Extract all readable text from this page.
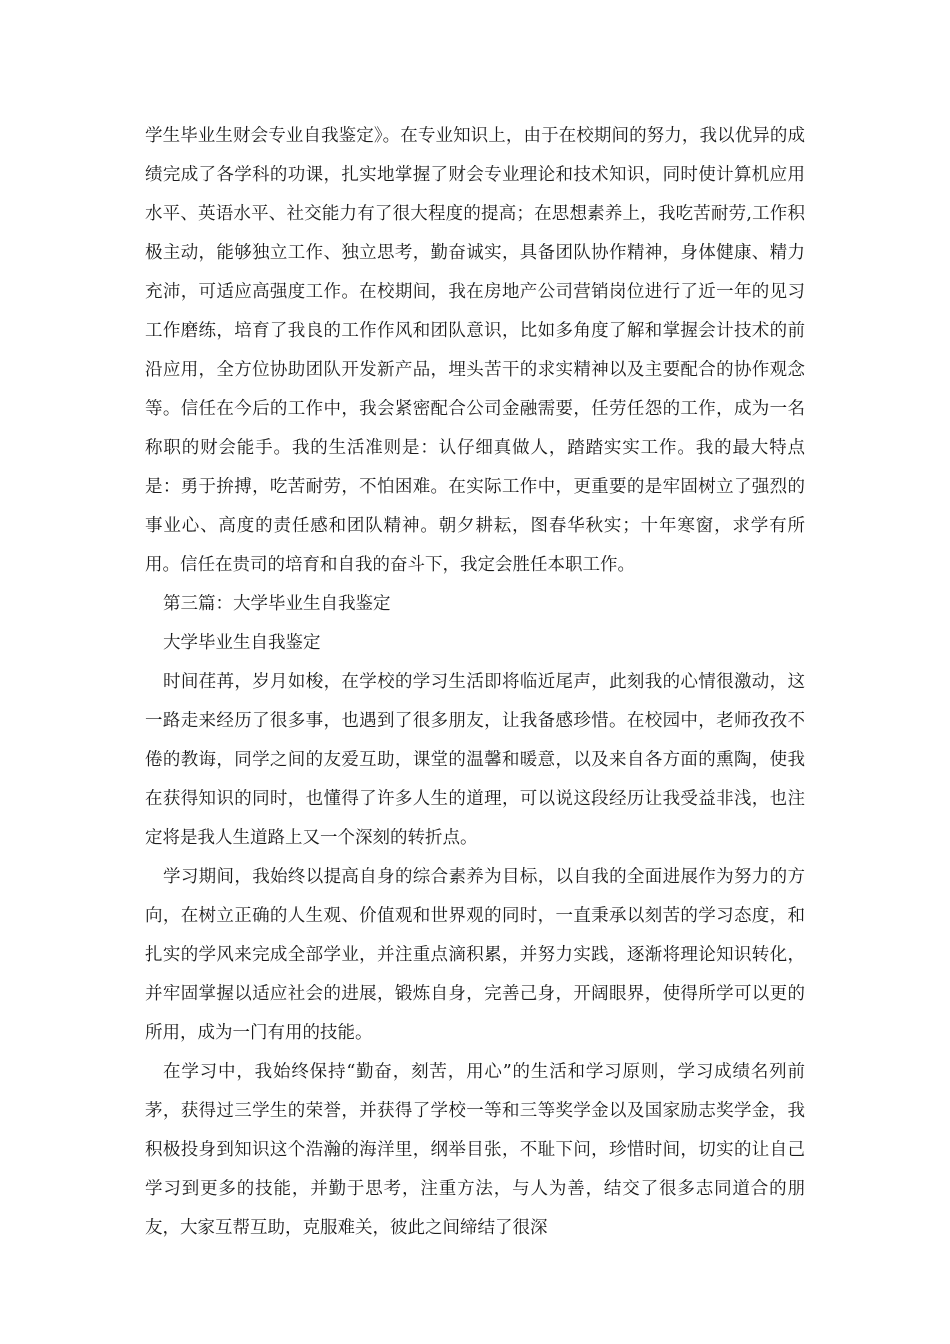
学生毕业生财会专业自我鉴定》。在专业知识上，由于在校期间的努力，我以优异的成绩完成了各学科的功课，扎实地掌握了财会专业理论和技术知识，同时使计算机应用水平、英语水平、社交能力有了很大程度的提高；在思想素养上，我吃苦耐劳,工作积极主动，能够独立工作、独立思考，勤奋诚实，具备团队协作精神，身体健康、精力充沛，可适应高强度工作。在校期间，我在房地产公司营销岗位进行了近一年的见习工作磨练，培育了我良的工作作风和团队意识，比如多角度了解和掌握会计技术的前沿应用，全方位协助团队开发新产品，埋头苦干的求实精神以及主要配合的协作观念等。信任在今后的工作中，我会紧密配合公司金融需要，任劳任怨的工作，成为一名称职的财会能手。我的生活准则是：认仔细真做人，踏踏实实工作。我的最大特点是：勇于拚搏，吃苦耐劳，不怕困难。在实际工作中，更重要的是牢固树立了强烈的事业心、高度的责任感和团队精神。朝夕耕耘，图春华秋实；十年寒窗，求学有所用。信任在贵司的培育和自我的奋斗下，我定会胜任本职工作。

第三篇：大学毕业生自我鉴定

大学毕业生自我鉴定

时间荏苒，岁月如梭，在学校的学习生活即将临近尾声，此刻我的心情很激动，这一路走来经历了很多事，也遇到了很多朋友，让我备感珍惜。在校园中，老师孜孜不倦的教诲，同学之间的友爱互助，课堂的温馨和暖意，以及来自各方面的熏陶，使我在获得知识的同时，也懂得了许多人生的道理，可以说这段经历让我受益非浅，也注定将是我人生道路上又一个深刻的转折点。

学习期间，我始终以提高自身的综合素养为目标，以自我的全面进展作为努力的方向，在树立正确的人生观、价值观和世界观的同时，一直秉承以刻苦的学习态度，和扎实的学风来完成全部学业，并注重点滴积累，并努力实践，逐渐将理论知识转化，并牢固掌握以适应社会的进展，锻炼自身，完善己身，开阔眼界，使得所学可以更的所用，成为一门有用的技能。

在学习中，我始终保持“勤奋，刻苦，用心”的生活和学习原则，学习成绩名列前茅，获得过三学生的荣誉，并获得了学校一等和三等奖学金以及国家励志奖学金，我积极投身到知识这个浩瀚的海洋里，纲举目张，不耻下问，珍惜时间，切实的让自己学习到更多的技能，并勤于思考，注重方法，与人为善，结交了很多志同道合的朋友，大家互帮互助，克服难关，彼此之间缔结了很深
